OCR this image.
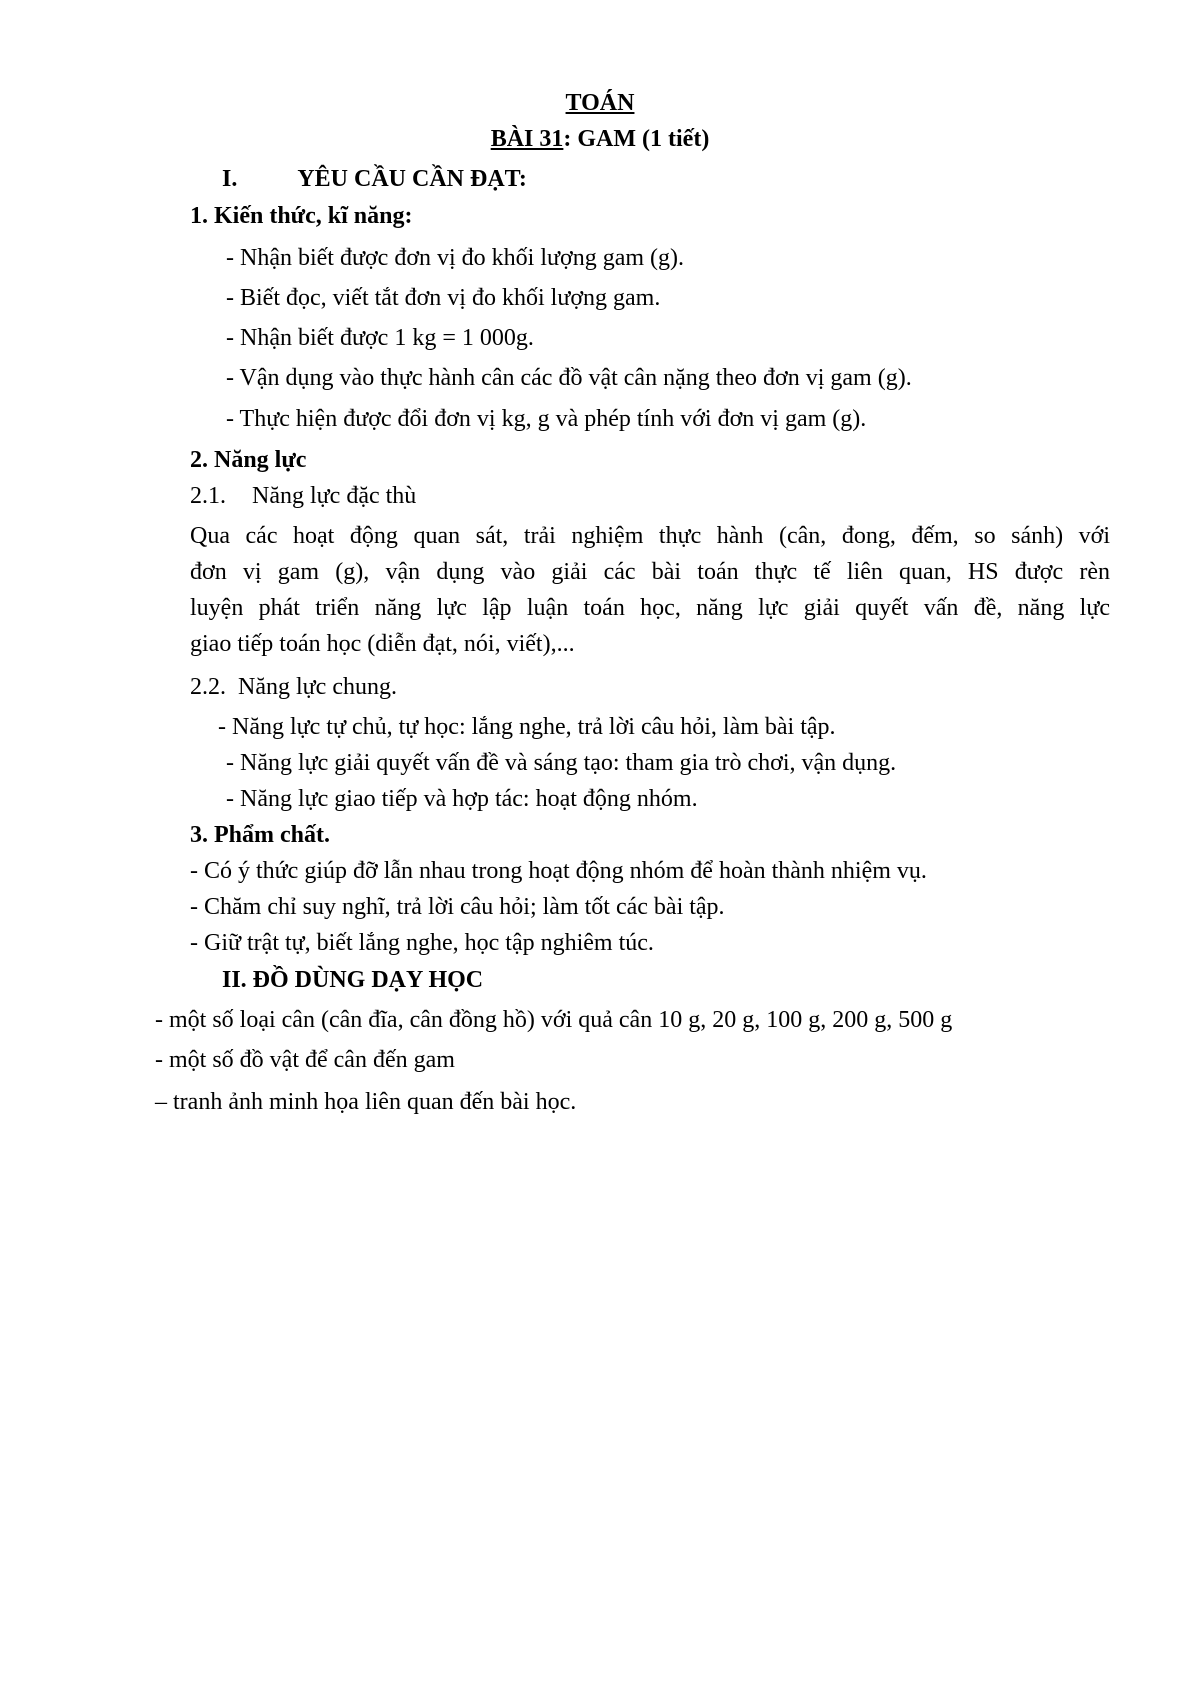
TOÁN
BÀI 31: GAM (1 tiết)
I.	YÊU CẦU CẦN ĐẠT:
1. Kiến thức, kĩ năng:
- Nhận biết được đơn vị đo khối lượng gam (g).
- Biết đọc, viết tắt đơn vị đo khối lượng gam.
- Nhận biết được 1 kg = 1 000g.
- Vận dụng vào thực hành cân các đồ vật cân nặng theo đơn vị gam (g).
- Thực hiện được đổi đơn vị kg, g và phép tính với đơn vị gam (g).
2. Năng lực
2.1. Năng lực đặc thù
Qua các hoạt động quan sát, trải nghiệm thực hành (cân, đong, đếm, so sánh) với
đơn vị gam (g), vận dụng vào giải các bài toán thực tế liên quan, HS được rèn
luyện phát triển năng lực lập luận toán học, năng lực giải quyết vấn đề, năng lực
giao tiếp toán học (diễn đạt, nói, viết),...
2.2. Năng lực chung.
- Năng lực tự chủ, tự học: lắng nghe, trả lời câu hỏi, làm bài tập.
- Năng lực giải quyết vấn đề và sáng tạo: tham gia trò chơi, vận dụng.
- Năng lực giao tiếp và hợp tác: hoạt động nhóm.
3. Phẩm chất.
- Có ý thức giúp đỡ lẫn nhau trong hoạt động nhóm để hoàn thành nhiệm vụ.
- Chăm chỉ suy nghĩ, trả lời câu hỏi; làm tốt các bài tập.
- Giữ trật tự, biết lắng nghe, học tập nghiêm túc.
II. ĐỒ DÙNG DẠY HỌC
- một số loại cân (cân đĩa, cân đồng hồ) với quả cân 10 g, 20 g, 100 g, 200 g, 500 g
- một số đồ vật để cân đến gam
– tranh ảnh minh họa liên quan đến bài học.
